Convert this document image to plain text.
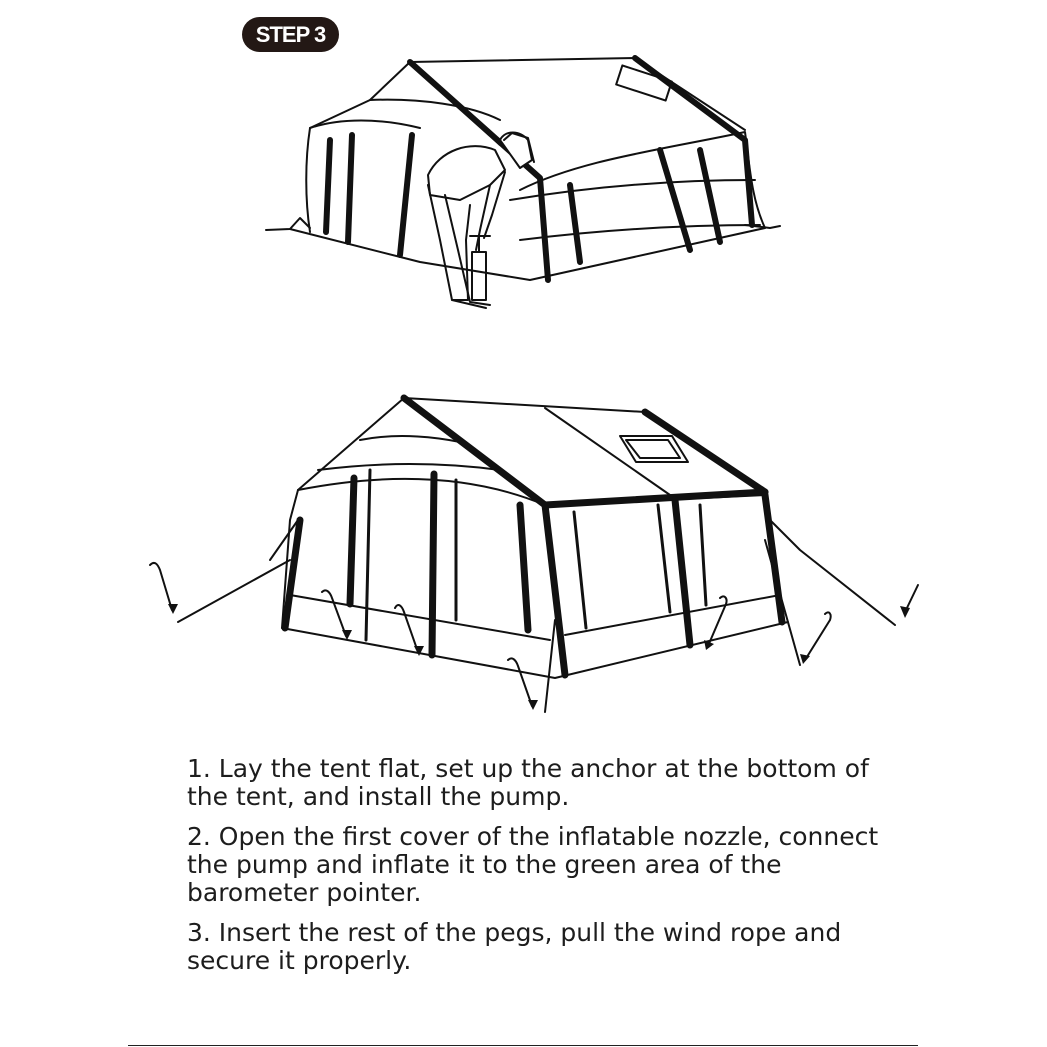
STEP 3

1. Lay the tent flat, set up the anchor at the bottom of the tent, and install the pump.

2. Open the first cover of the inflatable nozzle, connect the pump and inflate it to the green area of the barometer pointer.

3. Insert the rest of the pegs, pull the wind rope and secure it properly.
